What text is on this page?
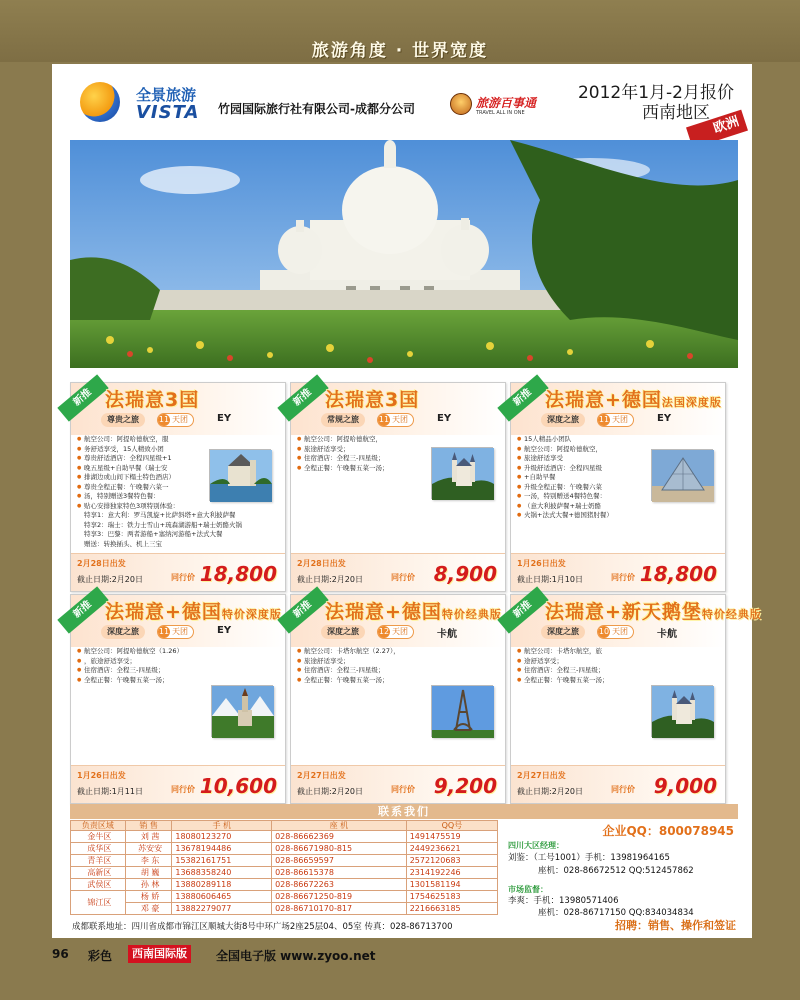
旅游角度 · 世界宽度
全景旅游
VISTA 竹园国际旅行社有限公司-成都分公司	旅游百事通
TRAVEL ALL IN ONE
2012年1月-2月报价
西南地区
欧洲
新推 法瑞意3国
尊贵之旅	11 天团	EY
● 航空公司：阿提哈德航空，服
● 务舒适享受，15人精致小团
● 尊贵舒适酒店：全程四星级+1
● 晚五星级+自助早餐（瑞士安
● 排湖边或山间下榻土特色酒店）
● 尊贵全程正餐：午晚餐六菜一
● 汤，特别赠送3餐特色餐：
● 贴心安排独家特色3项特别体验：
特享1：意大利：罗马凯旋+比萨斜塔+意大利披萨餐
特享2：瑞士：铁力士雪山+琉森湖游船+瑞士奶酪火锅
特享3：巴黎：两者游船+塞纳河游船+法式大餐
赠送：转换插头、机上三宝
2月28日出发
截止日期:2月20日	同行价 18,800
新推 法瑞意3国
常规之旅	11 天团	EY
● 航空公司：阿提哈德航空，
● 旅途舒适享受；
● 住宿酒店：全程三-四星级；
● 全程正餐：午晚餐五菜一汤；
2月28日出发
截止日期:2月20日	同行价 8,900
新推 法瑞意+德国法国深度版
深度之旅	11 天团	EY
● 15人精品小团队
● 航空公司：阿提哈德航空，
● 旅途舒适享受
● 升级舒适酒店：全程四星级
● +自助早餐
● 升级全程正餐：午晚餐六菜
● 一汤，特别赠送4餐特色餐：
● （意大利披萨餐+瑞士奶酪
● 火锅+法式大餐+德国猪肘餐）
1月26日出发
截止日期:1月10日	同行价 18,800
新推 法瑞意+德国特价深度版
深度之旅	11 天团	EY
● 航空公司：阿提哈德航空（1.26）
● ，旅途舒适享受；
● 住宿酒店：全程三-四星级；
● 全程正餐：午晚餐五菜一汤；
1月26日出发
截止日期:1月11日	同行价 10,600
新推 法瑞意+德国特价经典版
深度之旅	12 天团	卡航
● 航空公司：卡塔尔航空（2.27），
● 旅途舒适享受；
● 住宿酒店：全程三-四星级；
● 全程正餐：午晚餐五菜一汤；
2月27日出发
截止日期:2月20日	同行价 9,200
新推 法瑞意+新天鹅堡特价经典版
深度之旅	10 天团	卡航
● 航空公司：卡塔尔航空，旅
● 途舒适享受；
● 住宿酒店：全程三-四星级；
● 全程正餐：午晚餐五菜一汤；
2月27日出发
截止日期:2月20日	同行价 9,000
联系我们
负责区域	销 售	手 机	座 机	QQ号
金牛区	刘 茜	18080123270	028-86662369	1491475519
成华区	苏安安	13678194486	028-86671980-815	2449236621
青羊区	李 东	15382161751	028-86659597	2572120683
高新区	胡 巍	13688358240	028-86615378	2314192246
武侯区	孙 林	13880289118	028-86672263	1301581194
锦江区	杨 娇	13880606465	028-86671250-819	1754625183
	邓 豪	13882279077	028-86710170-817	2216663185
企业QQ：800078945
四川大区经理：
刘鉴：（工号1001）手机：13981964165
座机：028-86672512 QQ:512457862
市场监督：
李爽：手机：13980571406
座机：028-86717150 QQ:834034834
成都联系地址：四川省成都市锦江区顺城大街8号中环广场2座25层04、05室 传真：028-86713700	招聘：销售、操作和签证
96 彩色	西南国际版	全国电子版 www.zyoo.net
